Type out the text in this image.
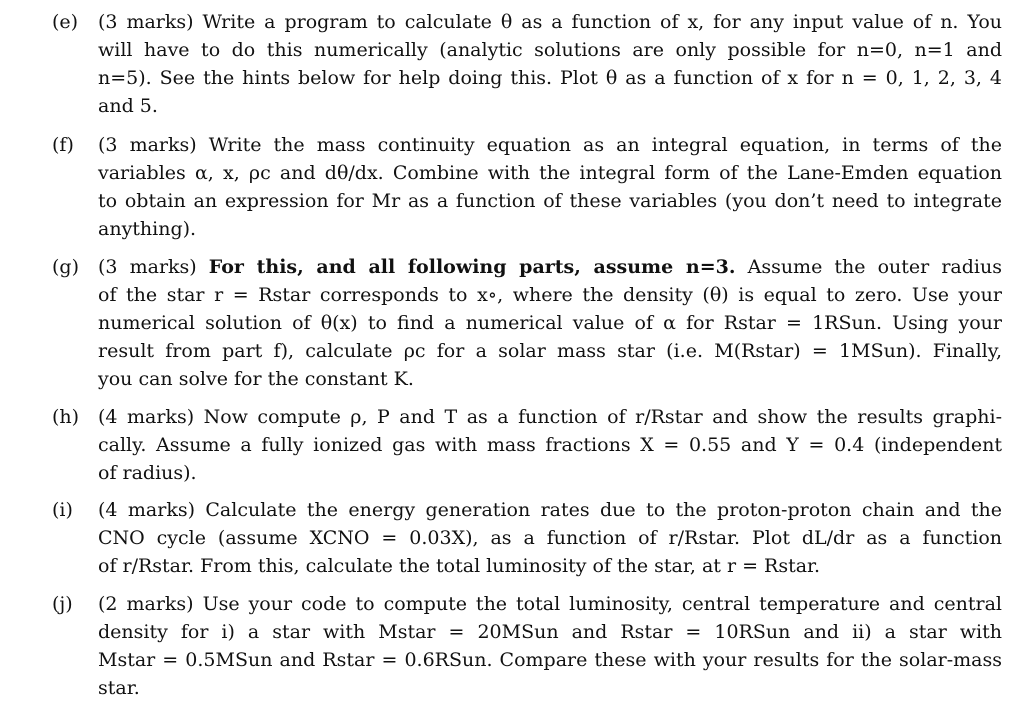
(e)	(3 marks) Write a program to calculate θ as a function of x, for any input value of n. You
will have to do this numerically (analytic solutions are only possible for n=0, n=1 and
n=5). See the hints below for help doing this. Plot θ as a function of x for n = 0, 1, 2, 3, 4
and 5.
(f)	(3 marks) Write the mass continuity equation as an integral equation, in terms of the
variables α, x, ρc and dθ/dx. Combine with the integral form of the Lane-Emden equation
to obtain an expression for Mr as a function of these variables (you don’t need to integrate
anything).
(g)	(3 marks) For this, and all following parts, assume n=3. Assume the outer radius
of the star r = Rstar corresponds to x∘, where the density (θ) is equal to zero. Use your
numerical solution of θ(x) to find a numerical value of α for Rstar = 1RSun. Using your
result from part f), calculate ρc for a solar mass star (i.e. M(Rstar) = 1MSun). Finally,
you can solve for the constant K.
(h) (4 marks) Now compute ρ, P and T as a function of r/Rstar and show the results graphi-
cally. Assume a fully ionized gas with mass fractions X = 0.55 and Y = 0.4 (independent
of radius).
(i)	(4 marks) Calculate the energy generation rates due to the proton-proton chain and the
CNO cycle (assume XCNO = 0.03X), as a function of r/Rstar. Plot dL/dr as a function
of r/Rstar. From this, calculate the total luminosity of the star, at r = Rstar.
(j)	(2 marks) Use your code to compute the total luminosity, central temperature and central
density for i) a star with Mstar = 20MSun and Rstar = 10RSun and ii) a star with
Mstar = 0.5MSun and Rstar = 0.6RSun. Compare these with your results for the solar-mass
star.
